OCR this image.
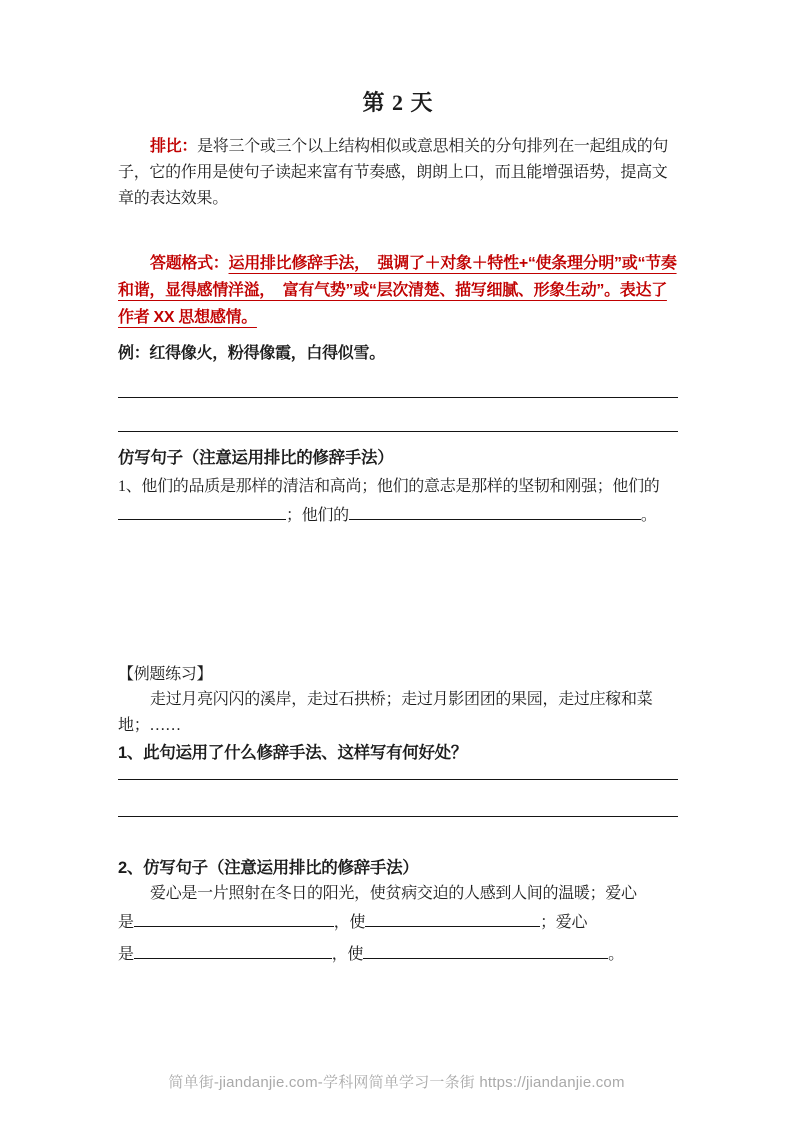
第 2 天

排比：是将三个或三个以上结构相似或意思相关的分句排列在一起组成的句子，它的作用是使句子读起来富有节奏感，朗朗上口，而且能增强语势，提高文章的表达效果。

答题格式：运用排比修辞手法，　强调了＋对象＋特性+“使条理分明”或“节奏和谐，显得感情洋溢，　富有气势”或“层次清楚、描写细腻、形象生动”。表达了作者 XX 思想感情。

例：红得像火，粉得像霞，白得似雪。

仿写句子（注意运用排比的修辞手法）

1、他们的品质是那样的清洁和高尚；他们的意志是那样的坚韧和刚强；他们的；他们的	。

【例题练习】

走过月亮闪闪的溪岸，走过石拱桥；走过月影团团的果园，走过庄稼和菜地；……

1、此句运用了什么修辞手法、这样写有何好处？

2、仿写句子（注意运用排比的修辞手法）

爱心是一片照射在冬日的阳光，使贫病交迫的人感到人间的温暖；爱心

是	，使	；爱心

是	，使	。

简单街-jiandanjie.com-学科网简单学习一条街 https://jiandanjie.com
